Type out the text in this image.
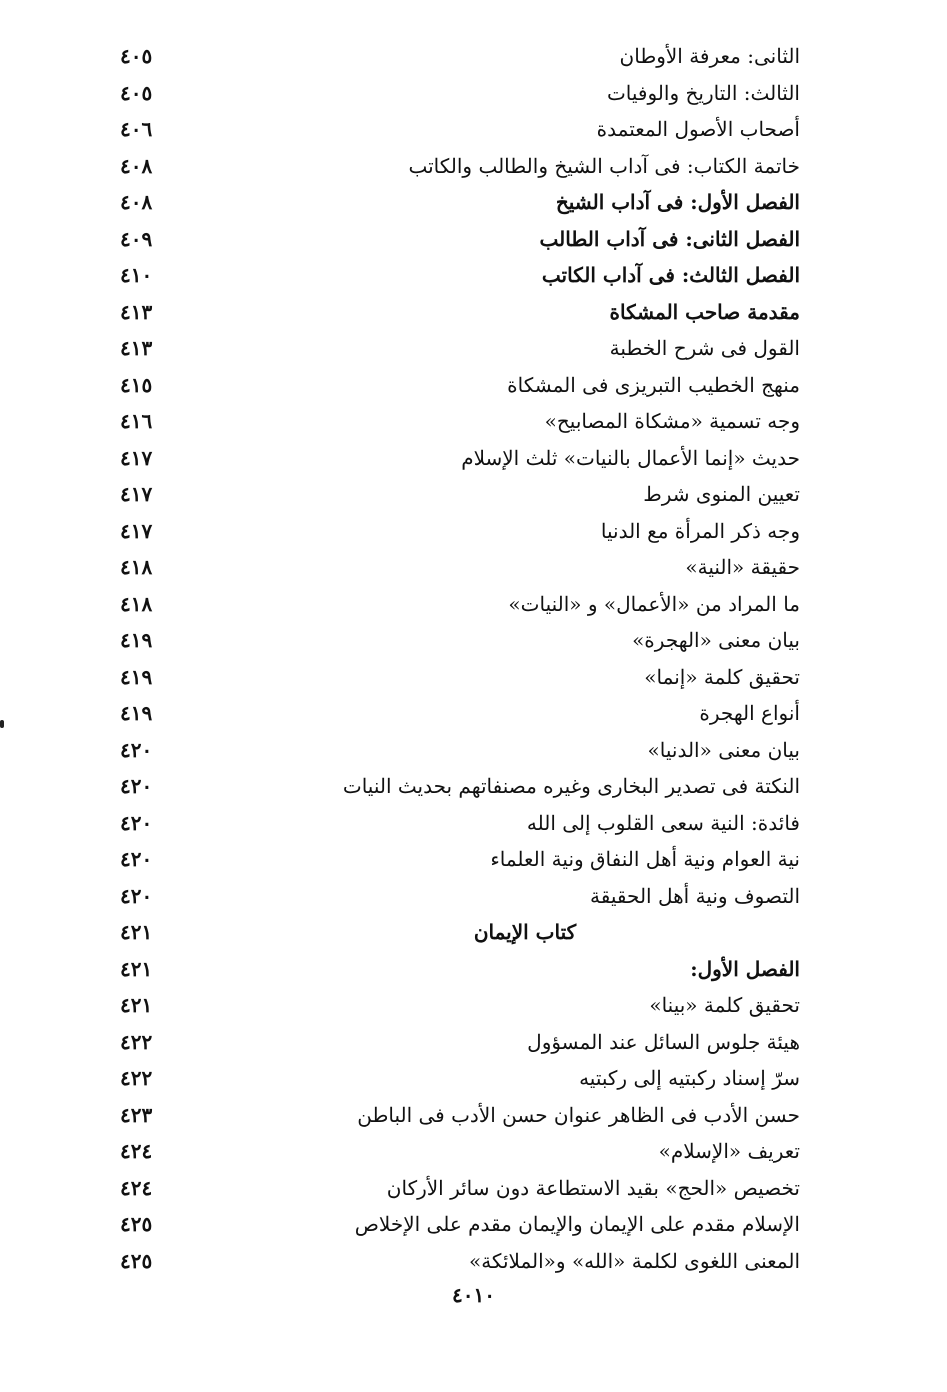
٤٠٥	الثانى: معرفة الأوطان
٤٠٥	الثالث: التاريخ والوفيات
٤٠٦	أصحاب الأصول المعتمدة
٤٠٨	خاتمة الكتاب: فى آداب الشيخ والطالب والكاتب
٤٠٨	الفصل الأول: فى آداب الشيخ
٤٠٩	الفصل الثانى: فى آداب الطالب
٤١٠	الفصل الثالث: فى آداب الكاتب
٤١٣	مقدمة صاحب المشكاة
٤١٣	القول فى شرح الخطبة
٤١٥	منهج الخطيب التبريزى فى المشكاة
٤١٦	وجه تسمية «مشكاة المصابيح»
٤١٧	حديث «إنما الأعمال بالنيات» ثلث الإسلام
٤١٧	تعيين المنوى شرط
٤١٧	وجه ذكر المرأة مع الدنيا
٤١٨	حقيقة «النية»
٤١٨	ما المراد من «الأعمال» و «النيات»
٤١٩	بيان معنى «الهجرة»
٤١٩	تحقيق كلمة «إنما»
٤١٩	أنواع الهجرة
٤٢٠	بيان معنى «الدنيا»
٤٢٠	النكتة فى تصدير البخارى وغيره مصنفاتهم بحديث النيات
٤٢٠	فائدة: النية سعى القلوب إلى الله
٤٢٠	نية العوام ونية أهل النفاق ونية العلماء
٤٢٠	التصوف ونية أهل الحقيقة
٤٢١	كتاب الإيمان
٤٢١	الفصل الأول:
٤٢١	تحقيق كلمة «بينا»
٤٢٢	هيئة جلوس السائل عند المسؤول
٤٢٢	سرّ إسناد ركبتيه إلى ركبتيه
٤٢٣	حسن الأدب فى الظاهر عنوان حسن الأدب فى الباطن
٤٢٤	تعريف «الإسلام»
٤٢٤	تخصيص «الحج» بقيد الاستطاعة دون سائر الأركان
٤٢٥	الإسلام مقدم على الإيمان والإيمان مقدم على الإخلاص
٤٢٥	المعنى اللغوى لكلمة «الله» و«الملائكة»
٤٠١٠
